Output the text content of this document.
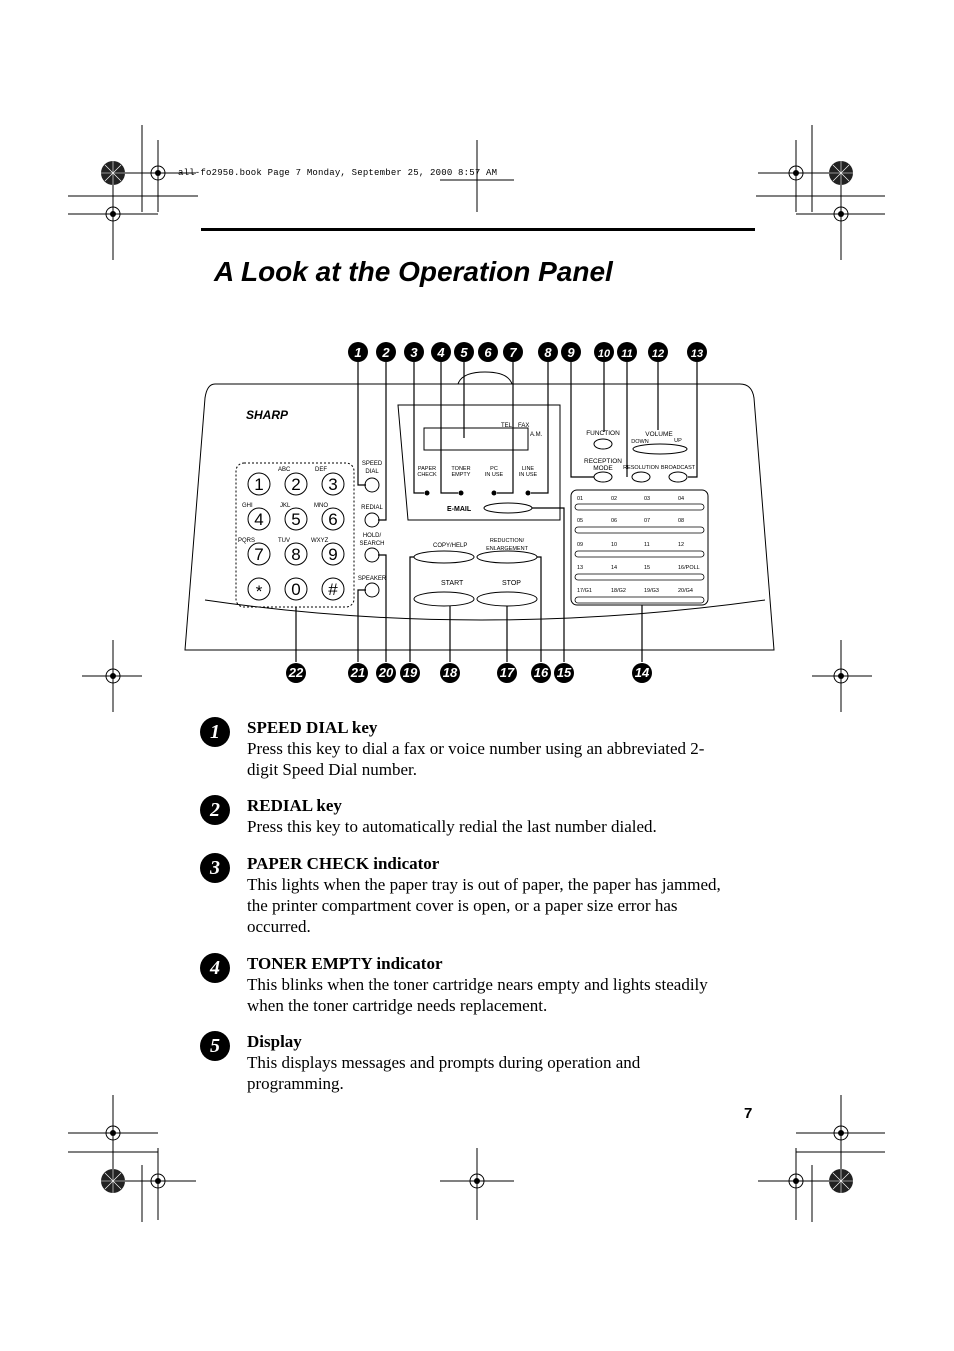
all-fo2950.book Page 7 Monday, September 25, 2000 8:57 AM
A Look at the Operation Panel
SHARP
ABC	DEF
GHI	JKL	MNO
PQRS	TUV	WXYZ
1 2 3
4 5 6
7 8 9
* 0 #
SPEED
DIAL
REDIAL
HOLD/
SEARCH
SPEAKER
TEL FAX
A.M.
PAPER
CHECK
TONER
EMPTY
PC
IN USE
LINE
IN USE
E-MAIL
FUNCTION	VOLUME
DOWN	UP
RECEPTION
MODE RESOLUTION BROADCAST
COPY/HELP
REDUCTION/
ENLARGEMENT
START	STOP
01	02	03	04
05	06	07	08
09	10	11	12
13	14	15	16/POLL
17/G1	18/G2	19/G3	20/G4
1 2 3 4 5 6 7 8 9 10 11 12 13
22	21 20 19 18	17 16 15	14
1	SPEED DIAL key
Press this key to dial a fax or voice number using an abbreviated 2-
digit Speed Dial number.
2	REDIAL key
Press this key to automatically redial the last number dialed.
3	PAPER CHECK indicator
This lights when the paper tray is out of paper, the paper has jammed,
the printer compartment cover is open, or a paper size error has
occurred.
4	TONER EMPTY indicator
This blinks when the toner cartridge nears empty and lights steadily
when the toner cartridge needs replacement.
5	Display
This displays messages and prompts during operation and
programming.
7
